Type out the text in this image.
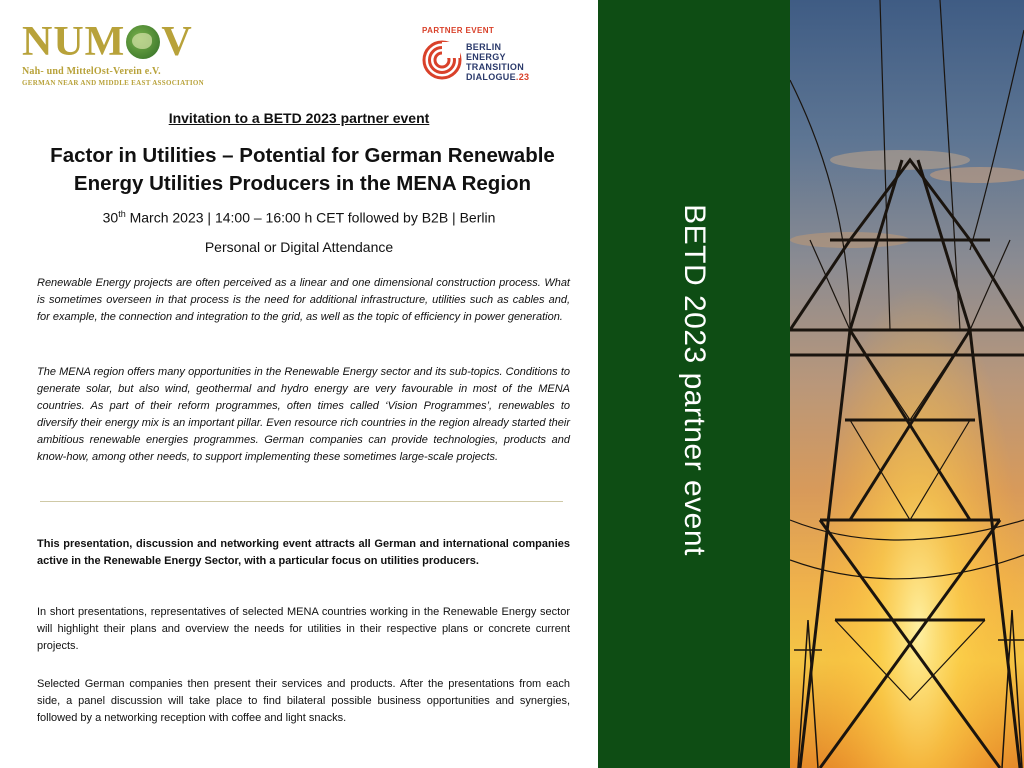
NUM V
Nah- und MittelOst-Verein e.V.
GERMAN NEAR AND MIDDLE EAST ASSOCIATION
PARTNER EVENT
BERLIN
ENERGY
TRANSITION
DIALOGUE.23
Invitation to a BETD 2023 partner event
Factor in Utilities – Potential for German Renewable Energy Utilities Producers in the MENA Region
30th March 2023 | 14:00 – 16:00 h CET followed by B2B | Berlin
Personal or Digital Attendance

Renewable Energy projects are often perceived as a linear and one dimensional construction process. What is sometimes overseen in that process is the need for additional infrastructure, utilities such as cables and, for example, the connection and integration to the grid, as well as the topic of efficiency in power generation.

The MENA region offers many opportunities in the Renewable Energy sector and its sub-topics. Conditions to generate solar, but also wind, geothermal and hydro energy are very favourable in most of the MENA countries. As part of their reform programmes, often times called ‘Vision Programmes’, renewables to diversify their energy mix is an important pillar. Even resource rich countries in the region already started their ambitious renewable energies programmes. German companies can provide technologies, products and know-how, among other needs, to support implementing these sometimes large-scale projects.

This presentation, discussion and networking event attracts all German and international companies active in the Renewable Energy Sector, with a particular focus on utilities producers.

In short presentations, representatives of selected MENA countries working in the Renewable Energy sector will highlight their plans and overview the needs for utilities in their respective plans or concrete current projects.

Selected German companies then present their services and products. After the presentations from each side, a panel discussion will take place to find bilateral possible business opportunities and synergies, followed by a networking reception with coffee and light snacks.

BETD 2023 partner event
